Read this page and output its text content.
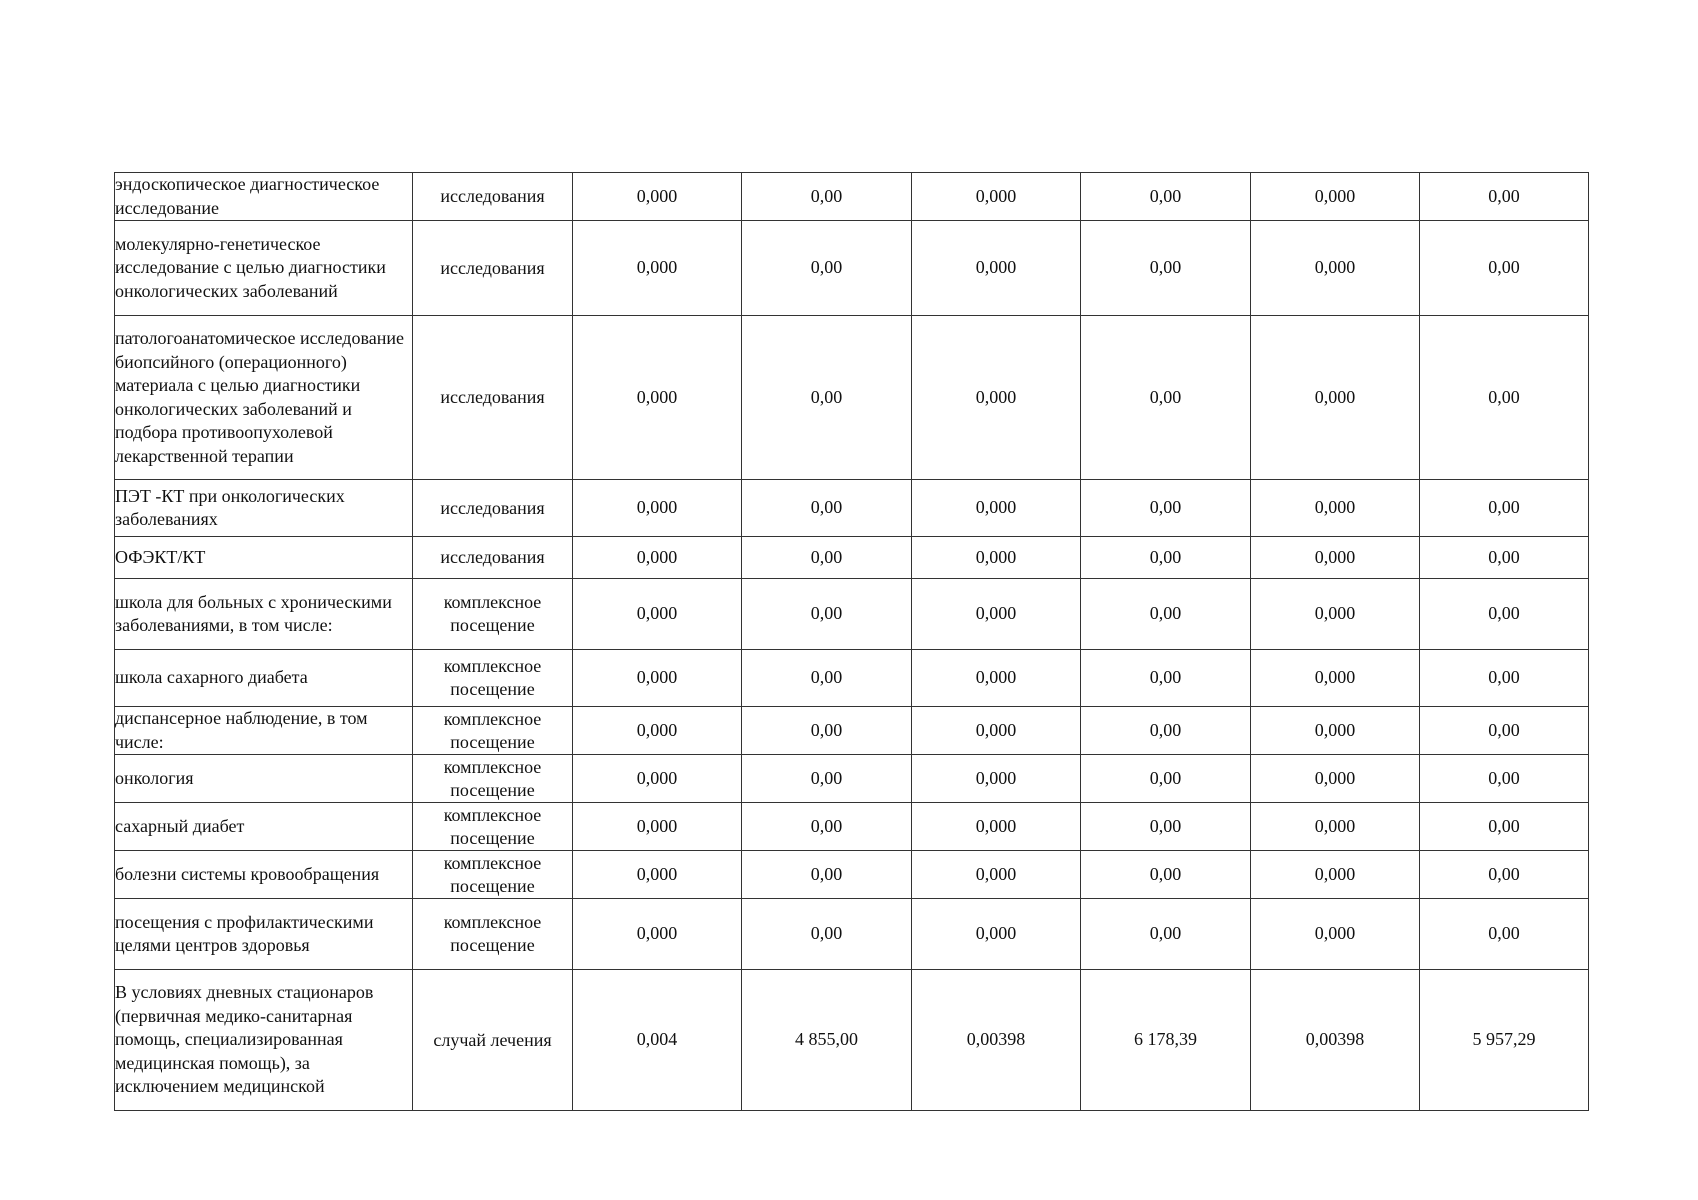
эндоскопическое диагностическое исследование	исследования	0,000	0,00	0,000	0,00	0,000	0,00

молекулярно-генетическое исследование с целью диагностики онкологических заболеваний	исследования	0,000	0,00	0,000	0,00	0,000	0,00

патологоанатомическое исследование биопсийного (операционного) материала с целью диагностики онкологических заболеваний и подбора противоопухолевой лекарственной терапии	исследования	0,000	0,00	0,000	0,00	0,000	0,00

ПЭТ -КТ при онкологических заболеваниях	исследования	0,000	0,00	0,000	0,00	0,000	0,00

ОФЭКТ/КТ	исследования	0,000	0,00	0,000	0,00	0,000	0,00

школа для больных с хроническими заболеваниями, в том числе:	комплексное посещение	0,000	0,00	0,000	0,00	0,000	0,00

школа сахарного диабета	комплексное посещение	0,000	0,00	0,000	0,00	0,000	0,00

диспансерное наблюдение, в том числе:	комплексное посещение	0,000	0,00	0,000	0,00	0,000	0,00

онкология	комплексное посещение	0,000	0,00	0,000	0,00	0,000	0,00

сахарный диабет	комплексное посещение	0,000	0,00	0,000	0,00	0,000	0,00

болезни системы кровообращения	комплексное посещение	0,000	0,00	0,000	0,00	0,000	0,00

посещения с профилактическими целями центров здоровья	комплексное посещение	0,000	0,00	0,000	0,00	0,000	0,00

В условиях дневных стационаров (первичная медико-санитарная помощь, специализированная медицинская помощь), за исключением медицинской	случай лечения	0,004	4 855,00	0,00398	6 178,39	0,00398	5 957,29
